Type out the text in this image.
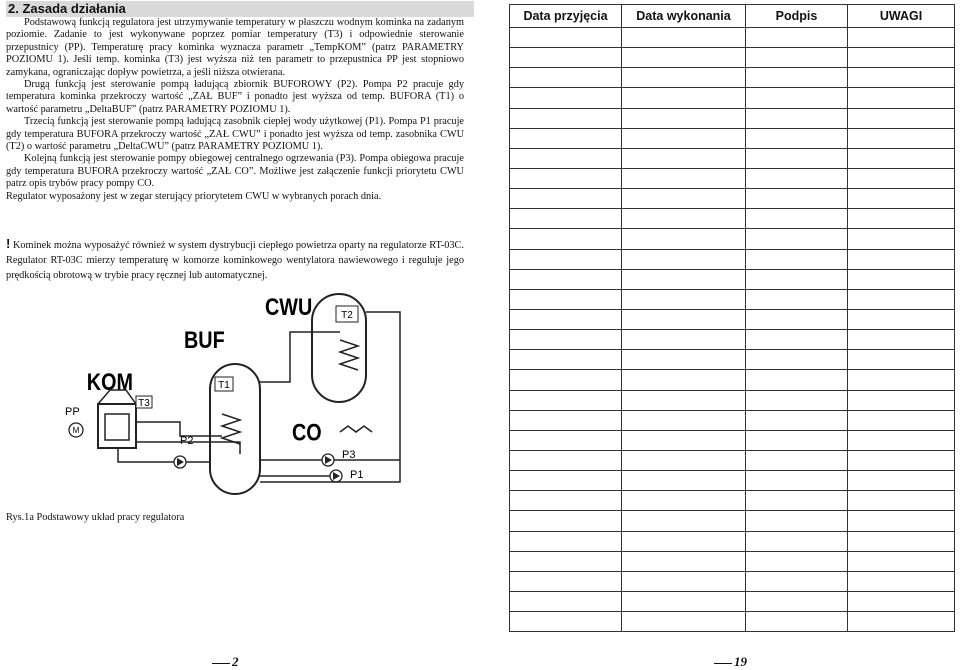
2. Zasada działania

Podstawową funkcją regulatora jest utrzymywanie temperatury w płaszczu wodnym kominka na zadanym poziomie. Zadanie to jest wykonywane poprzez pomiar temperatury (T3) i odpowiednie sterowanie przepustnicy (PP). Temperaturę pracy kominka wyznacza parametr „TempKOM” (patrz PARAMETRY POZIOMU 1). Jeśli temp. kominka (T3) jest wyższa niż ten parametr to przepustnica PP jest stopniowo zamykana, ograniczając dopływ powietrza, a jeśli niższa otwierana.

Drugą funkcją jest sterowanie pompą ładującą zbiornik BUFOROWY (P2). Pompa P2 pracuje gdy temperatura kominka przekroczy wartość „ZAŁ BUF” i ponadto jest wyższa od temp. BUFORA (T1) o wartość parametru „DeltaBUF” (patrz PARAMETRY POZIOMU 1).

Trzecią funkcją jest sterowanie pompą ładującą zasobnik ciepłej wody użytkowej (P1). Pompa P1 pracuje gdy temperatura BUFORA przekroczy wartość „ZAŁ CWU” i ponadto jest wyższa od temp. zasobnika CWU (T2) o wartość parametru „DeltaCWU” (patrz PARAMETRY POZIOMU 1).

Kolejną funkcją jest sterowanie pompy obiegowej centralnego ogrzewania (P3). Pompa obiegowa pracuje gdy temperatura BUFORA przekroczy wartość „ZAŁ CO”. Możliwe jest załączenie funkcji priorytetu CWU patrz opis trybów pracy pompy CO.

Regulator wyposażony jest w zegar sterujący priorytetem CWU w wybranych porach dnia.

! Kominek można wyposażyć również w system dystrybucji ciepłego powietrza oparty na regulatorze RT-03C. Regulator RT-03C mierzy temperaturę w komorze kominkowego wentylatora nawiewowego i reguluje jego prędkością obrotową w trybie pracy ręcznej lub automatycznej.
T2
CWU
T1
BUF
KOM
T3
PP
M
P2	CO
P3
P1
Rys.1a Podstawowy układ pracy regulatora
2
Data przyjęcia	Data wykonania	Podpis	UWAGI

19
